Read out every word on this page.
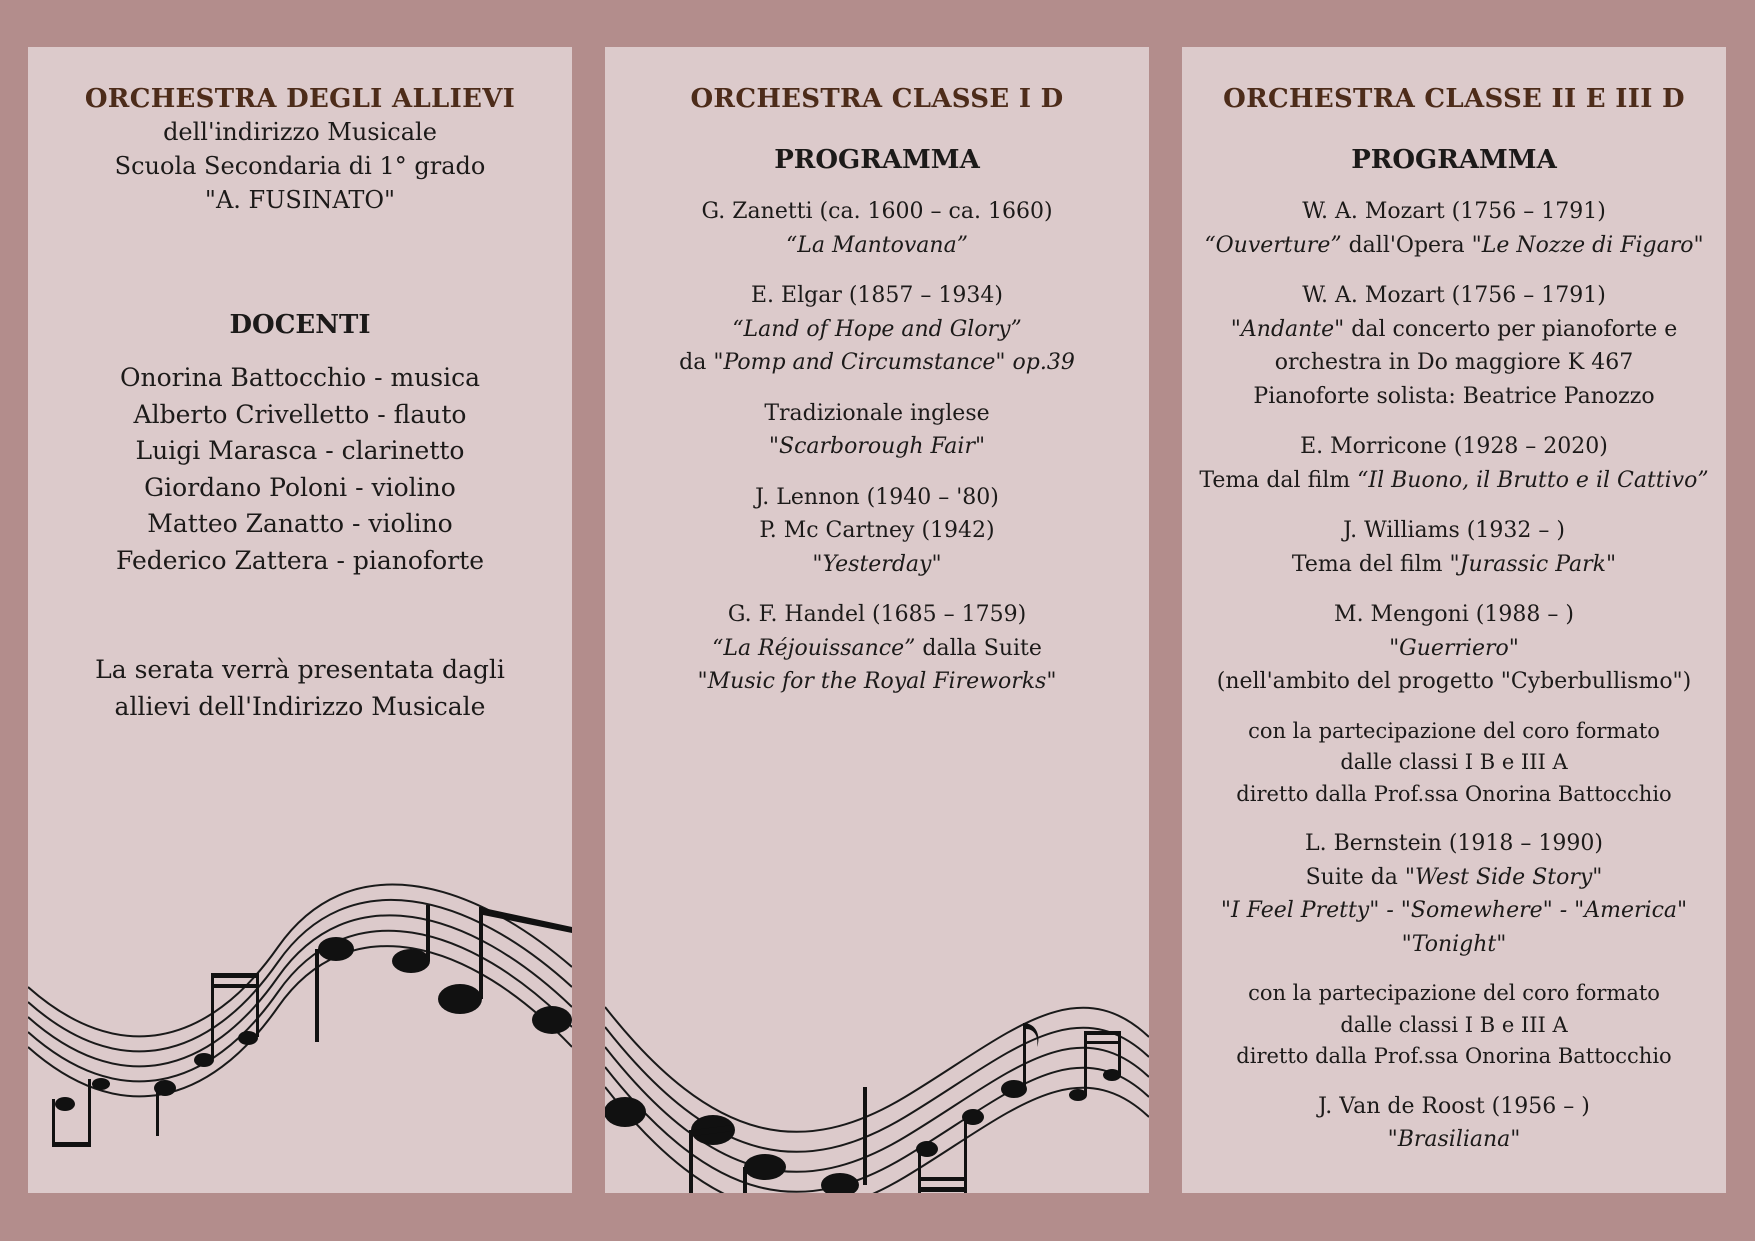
ORCHESTRA DEGLI ALLIEVI

dell'indirizzo Musicale

Scuola Secondaria di 1° grado

"A. FUSINATO"

DOCENTI

Onorina Battocchio - musica

Alberto Crivelletto - flauto

Luigi Marasca - clarinetto

Giordano Poloni - violino

Matteo Zanatto - violino

Federico Zattera - pianoforte

La serata verrà presentata dagli

allievi dell'Indirizzo Musicale

ORCHESTRA CLASSE I D

PROGRAMMA

G. Zanetti (ca. 1600 – ca. 1660)

“La Mantovana”

E. Elgar (1857 – 1934)

“Land of Hope and Glory”

da "Pomp and Circumstance" op.39

Tradizionale inglese

"Scarborough Fair"

J. Lennon (1940 – '80)

P. Mc Cartney (1942)

"Yesterday"

G. F. Handel (1685 – 1759)

“La Réjouissance” dalla Suite

"Music for the Royal Fireworks"

ORCHESTRA CLASSE II E III D

PROGRAMMA

W. A. Mozart (1756 – 1791)

“Ouverture” dall'Opera "Le Nozze di Figaro"

W. A. Mozart (1756 – 1791)

"Andante" dal concerto per pianoforte e

orchestra in Do maggiore K 467

Pianoforte solista: Beatrice Panozzo

E. Morricone (1928 – 2020)

Tema dal film “Il Buono, il Brutto e il Cattivo”

J. Williams (1932 – )

Tema del film "Jurassic Park"

M. Mengoni (1988 – )

"Guerriero"

(nell'ambito del progetto "Cyberbullismo")

con la partecipazione del coro formato

dalle classi I B e III A

diretto dalla Prof.ssa Onorina Battocchio

L. Bernstein (1918 – 1990)

Suite da "West Side Story"

"I Feel Pretty" - "Somewhere" - "America"

"Tonight"

con la partecipazione del coro formato

dalle classi I B e III A

diretto dalla Prof.ssa Onorina Battocchio

J. Van de Roost (1956 – )

"Brasiliana"
